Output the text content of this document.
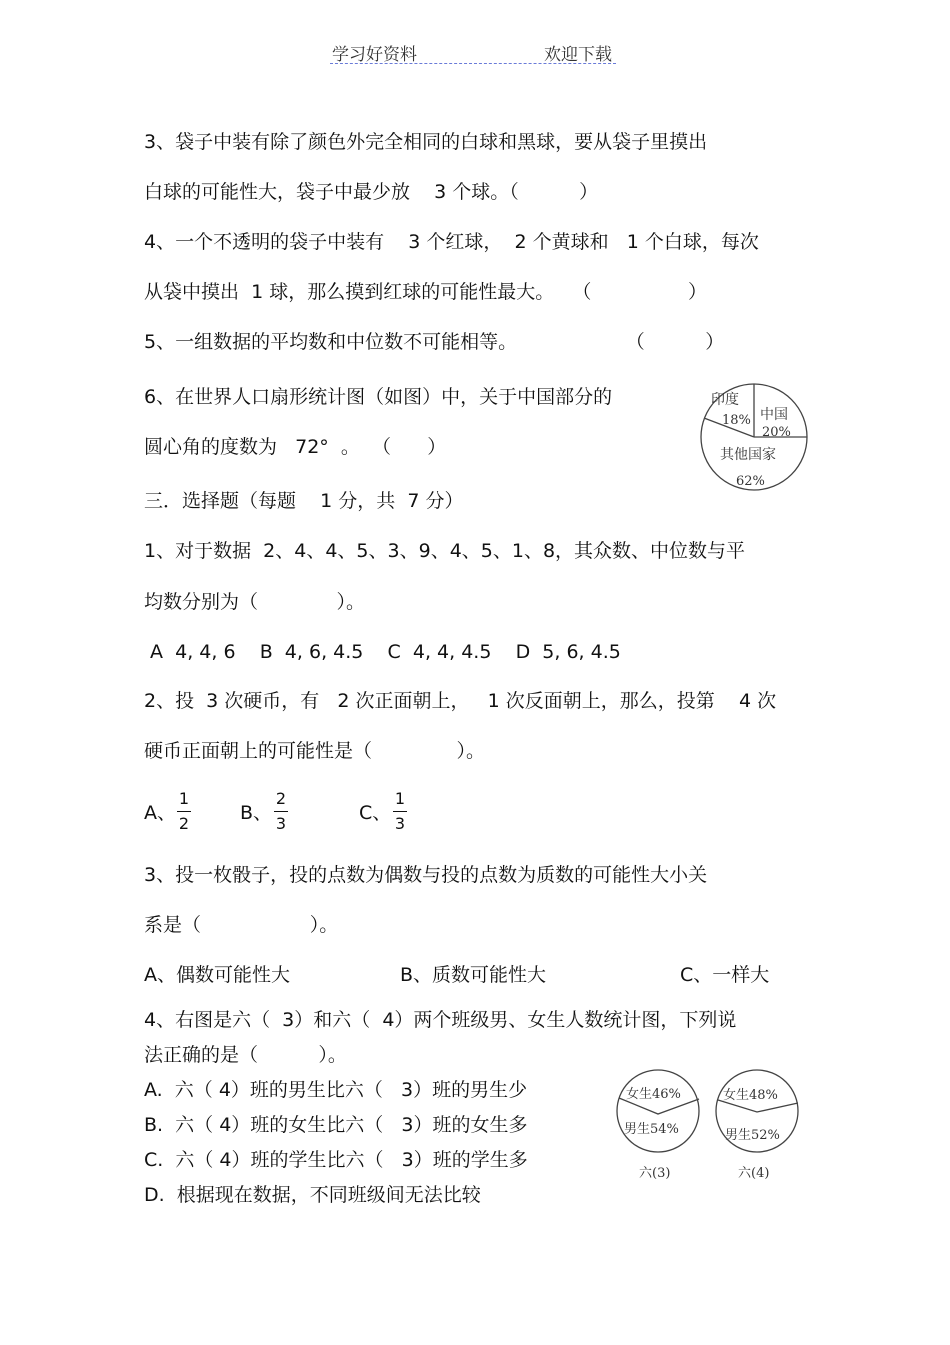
学习好资料	欢迎下载
3、袋子中装有除了颜色外完全相同的白球和黑球，要从袋子里摸出
白球的可能性大，袋子中最少放    3 个球。（          ）
4、一个不透明的袋子中装有    3 个红球，  2 个黄球和   1 个白球，每次
从袋中摸出  1 球，那么摸到红球的可能性最大。   （                ）
5、一组数据的平均数和中位数不可能相等。                  （          ）
6、在世界人口扇形统计图（如图）中，关于中国部分的
圆心角的度数为   72°  。  （      ）
三．选择题（每题    1 分，共  7 分）
1、对于数据  2、4、4、5、3、9、4、5、1、8，其众数、中位数与平
均数分别为（             ）。
A  4, 4, 6    B  4, 6, 4.5    C  4, 4, 4.5    D  5, 6, 4.5
2、投  3 次硬币，有   2 次正面朝上，   1 次反面朝上，那么，投第    4 次
硬币正面朝上的可能性是（              ）。
A、
1
2	B、
2
3	C、
1
3
3、投一枚骰子，投的点数为偶数与投的点数为质数的可能性大小关
系是（                  ）。
A、偶数可能性大	B、质数可能性大	C、一样大
4、右图是六（  3）和六（  4）两个班级男、女生人数统计图，下列说
法正确的是（          ）。
A.  六（ 4）班的男生比六（   3）班的男生少
B.  六（ 4）班的女生比六（   3）班的女生多
C.  六（ 4）班的学生比六（   3）班的学生多
D.  根据现在数据，不同班级间无法比较
印度
18% 中国
20%
其他国家
62%
女生46%
男生54%
六(3)
女生48%
男生52%
六(4)
